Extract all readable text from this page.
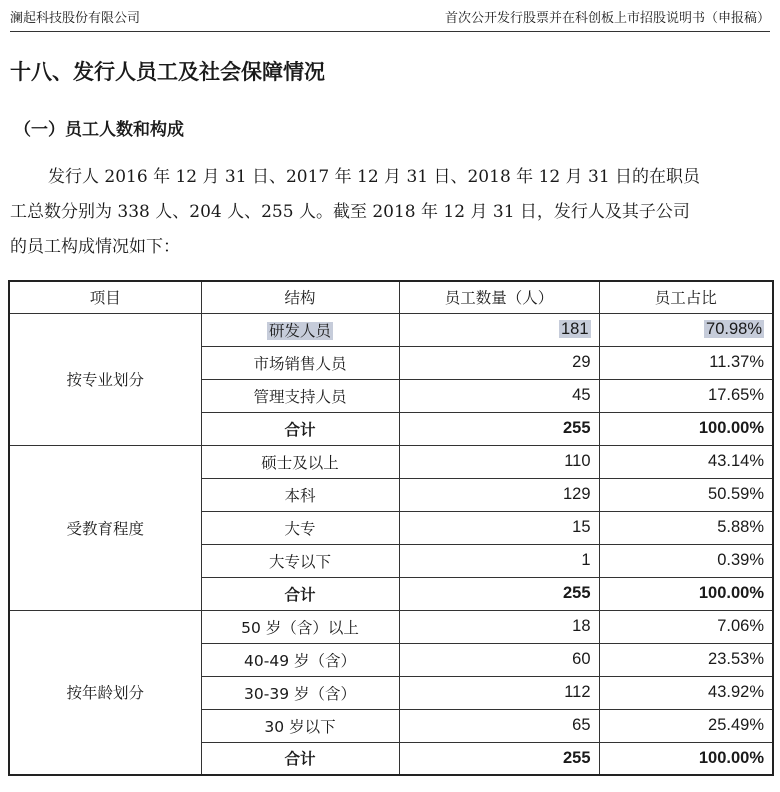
澜起科技股份有限公司	首次公开发行股票并在科创板上市招股说明书（申报稿）
十八、发行人员工及社会保障情况
（一）员工人数和构成
发行人 2016 年 12 月 31 日、2017 年 12 月 31 日、2018 年 12 月 31 日的在职员
工总数分别为 338 人、204 人、255 人。截至 2018 年 12 月 31 日，发行人及其子公司
的员工构成情况如下：
项目	结构	员工数量（人）	员工占比
按专业划分	研发人员	181	70.98%
	市场销售人员	29	11.37%
	管理支持人员	45	17.65%
	合计	255	100.00%
受教育程度	硕士及以上	110	43.14%
	本科	129	50.59%
	大专	15	5.88%
	大专以下	1	0.39%
	合计	255	100.00%
按年龄划分	50 岁（含）以上	18	7.06%
	40-49 岁（含）	60	23.53%
	30-39 岁（含）	112	43.92%
	30 岁以下	65	25.49%
	合计	255	100.00%
